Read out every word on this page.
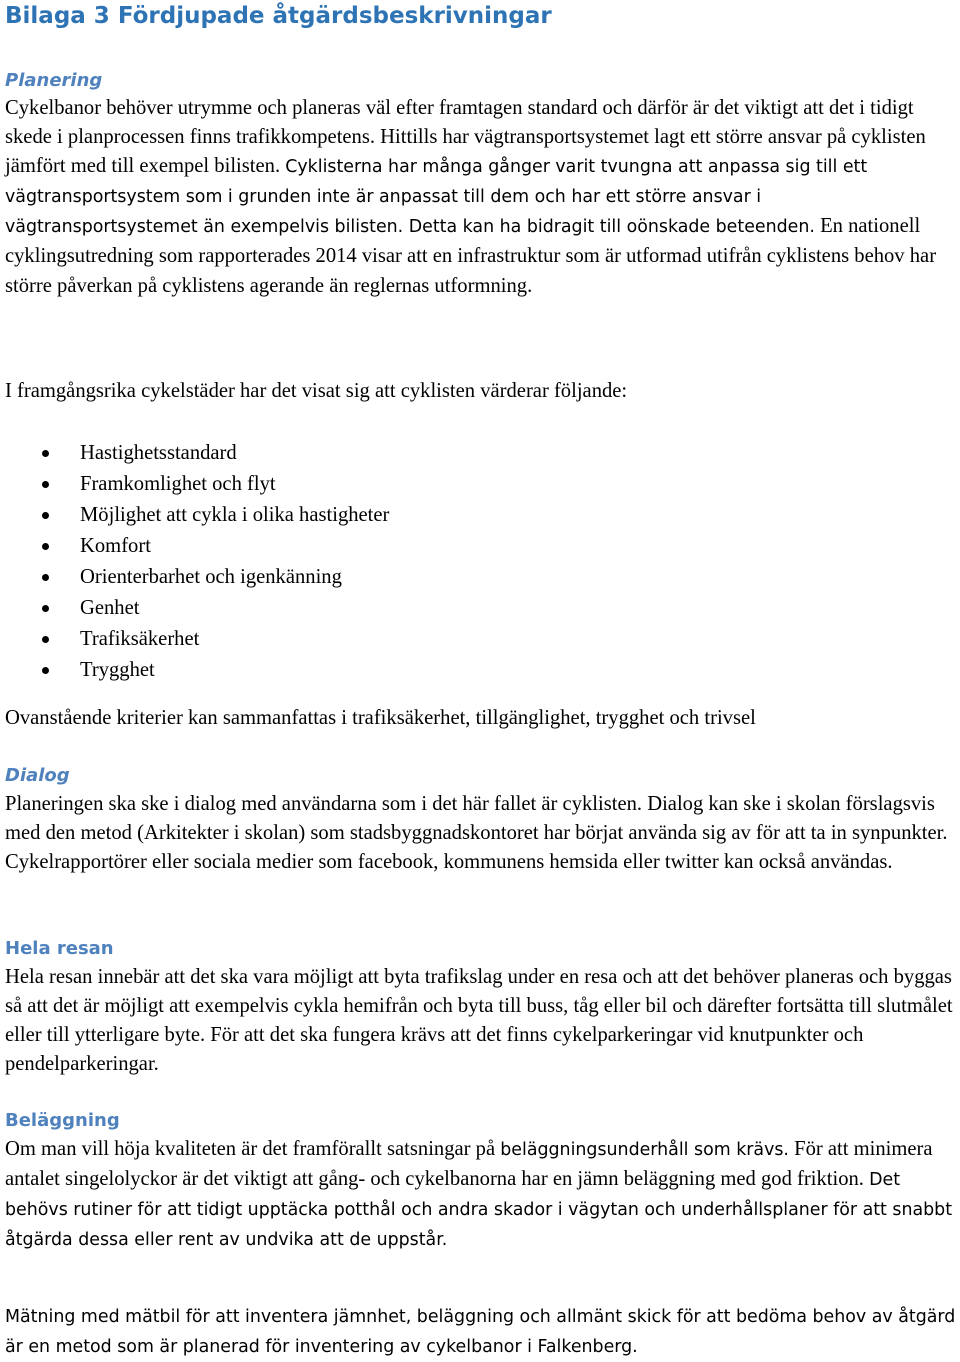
Bilaga 3 Fördjupade åtgärdsbeskrivningar
Planering

Cykelbanor behöver utrymme och planeras väl efter framtagen standard och därför är det viktigt att det i tidigt skede i planprocessen finns trafikkompetens. Hittills har vägtransportsystemet lagt ett större ansvar på cyklisten jämfört med till exempel bilisten. Cyklisterna har många gånger varit tvungna att anpassa sig till ett vägtransportsystem som i grunden inte är anpassat till dem och har ett större ansvar i vägtransportsystemet än exempelvis bilisten. Detta kan ha bidragit till oönskade beteenden. En nationell cyklingsutredning som rapporterades 2014 visar att en infrastruktur som är utformad utifrån cyklistens behov har större påverkan på cyklistens agerande än reglernas utformning.

I framgångsrika cykelstäder har det visat sig att cyklisten värderar följande:

Hastighetsstandard
Framkomlighet och flyt
Möjlighet att cykla i olika hastigheter
Komfort
Orienterbarhet och igenkänning
Genhet
Trafiksäkerhet
Trygghet

Ovanstående kriterier kan sammanfattas i trafiksäkerhet, tillgänglighet, trygghet och trivsel

Dialog

Planeringen ska ske i dialog med användarna som i det här fallet är cyklisten. Dialog kan ske i skolan förslagsvis med den metod (Arkitekter i skolan) som stadsbyggnadskontoret har börjat använda sig av för att ta in synpunkter. Cykelrapportörer eller sociala medier som facebook, kommunens hemsida eller twitter kan också användas.

Hela resan

Hela resan innebär att det ska vara möjligt att byta trafikslag under en resa och att det behöver planeras och byggas så att det är möjligt att exempelvis cykla hemifrån och byta till buss, tåg eller bil och därefter fortsätta till slutmålet eller till ytterligare byte. För att det ska fungera krävs att det finns cykelparkeringar vid knutpunkter och pendelparkeringar.

Beläggning

Om man vill höja kvaliteten är det framförallt satsningar på beläggningsunderhåll som krävs. För att minimera antalet singelolyckor är det viktigt att gång- och cykelbanorna har en jämn beläggning med god friktion. Det behövs rutiner för att tidigt upptäcka potthål och andra skador i vägytan och underhållsplaner för att snabbt åtgärda dessa eller rent av undvika att de uppstår.

Mätning med mätbil för att inventera jämnhet, beläggning och allmänt skick för att bedöma behov av åtgärd är en metod som är planerad för inventering av cykelbanor i Falkenberg.
